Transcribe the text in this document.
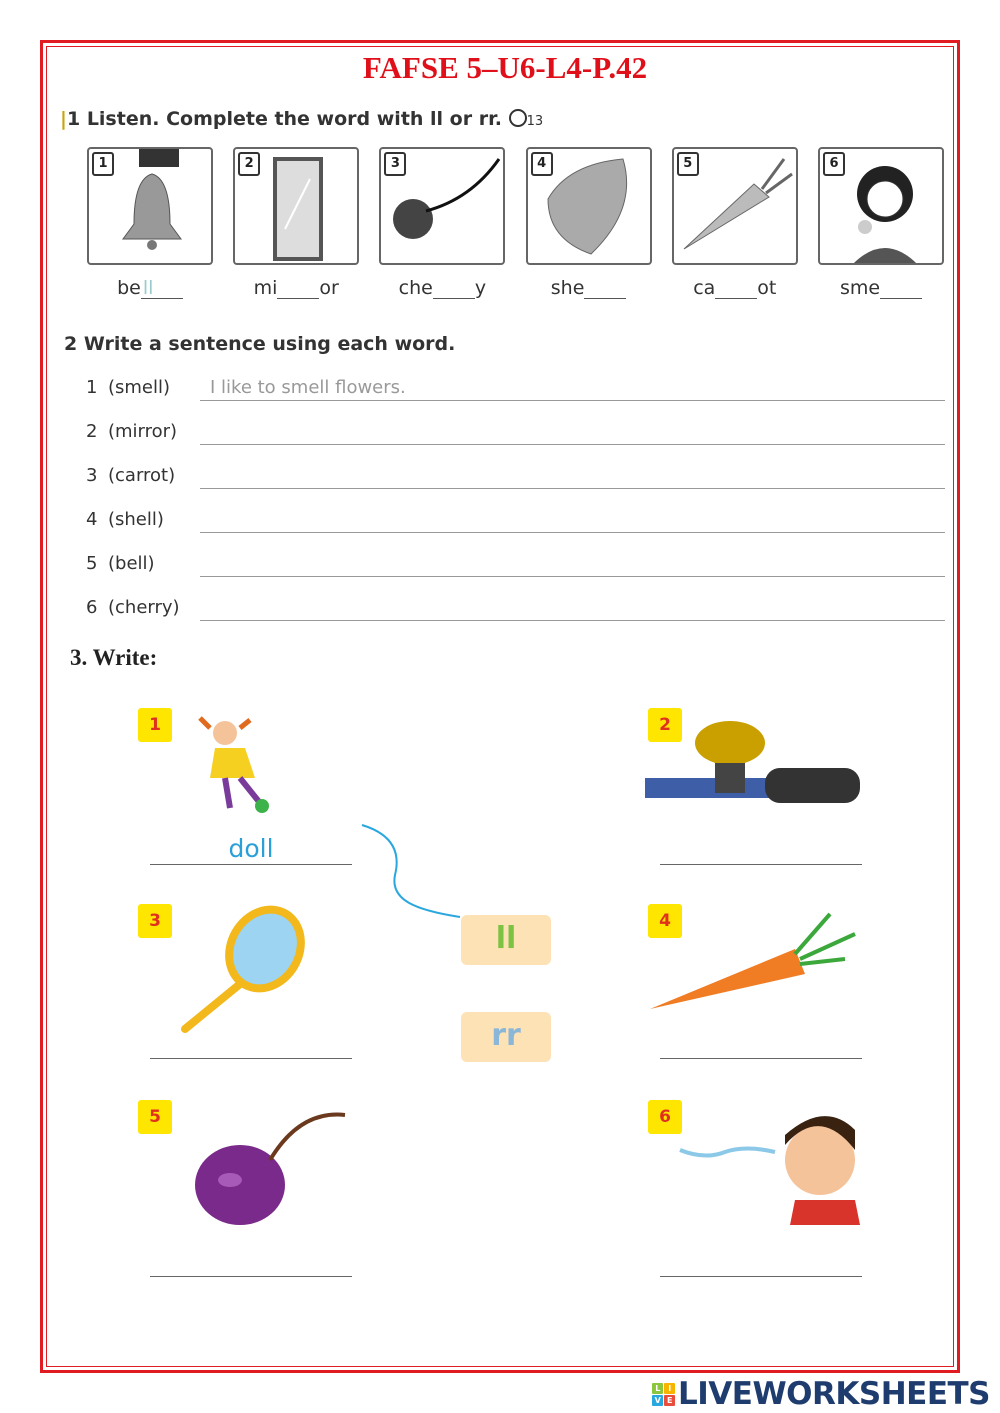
FAFSE 5–U6-L4-P.42
|1 Listen. Complete the word with ll or rr. 13
1
be ll
2
mi or
3
che y
4
she
5
ca ot
6
sme
2 Write a sentence using each word.
1 (smell)	I like to smell flowers.
2 (mirror)
3 (carrot)
4 (shell)
5 (bell)
6 (cherry)
3. Write:
1
doll
2
3	4
5	6
ll
rr
L	I
V E LIVEWORKSHEETS
